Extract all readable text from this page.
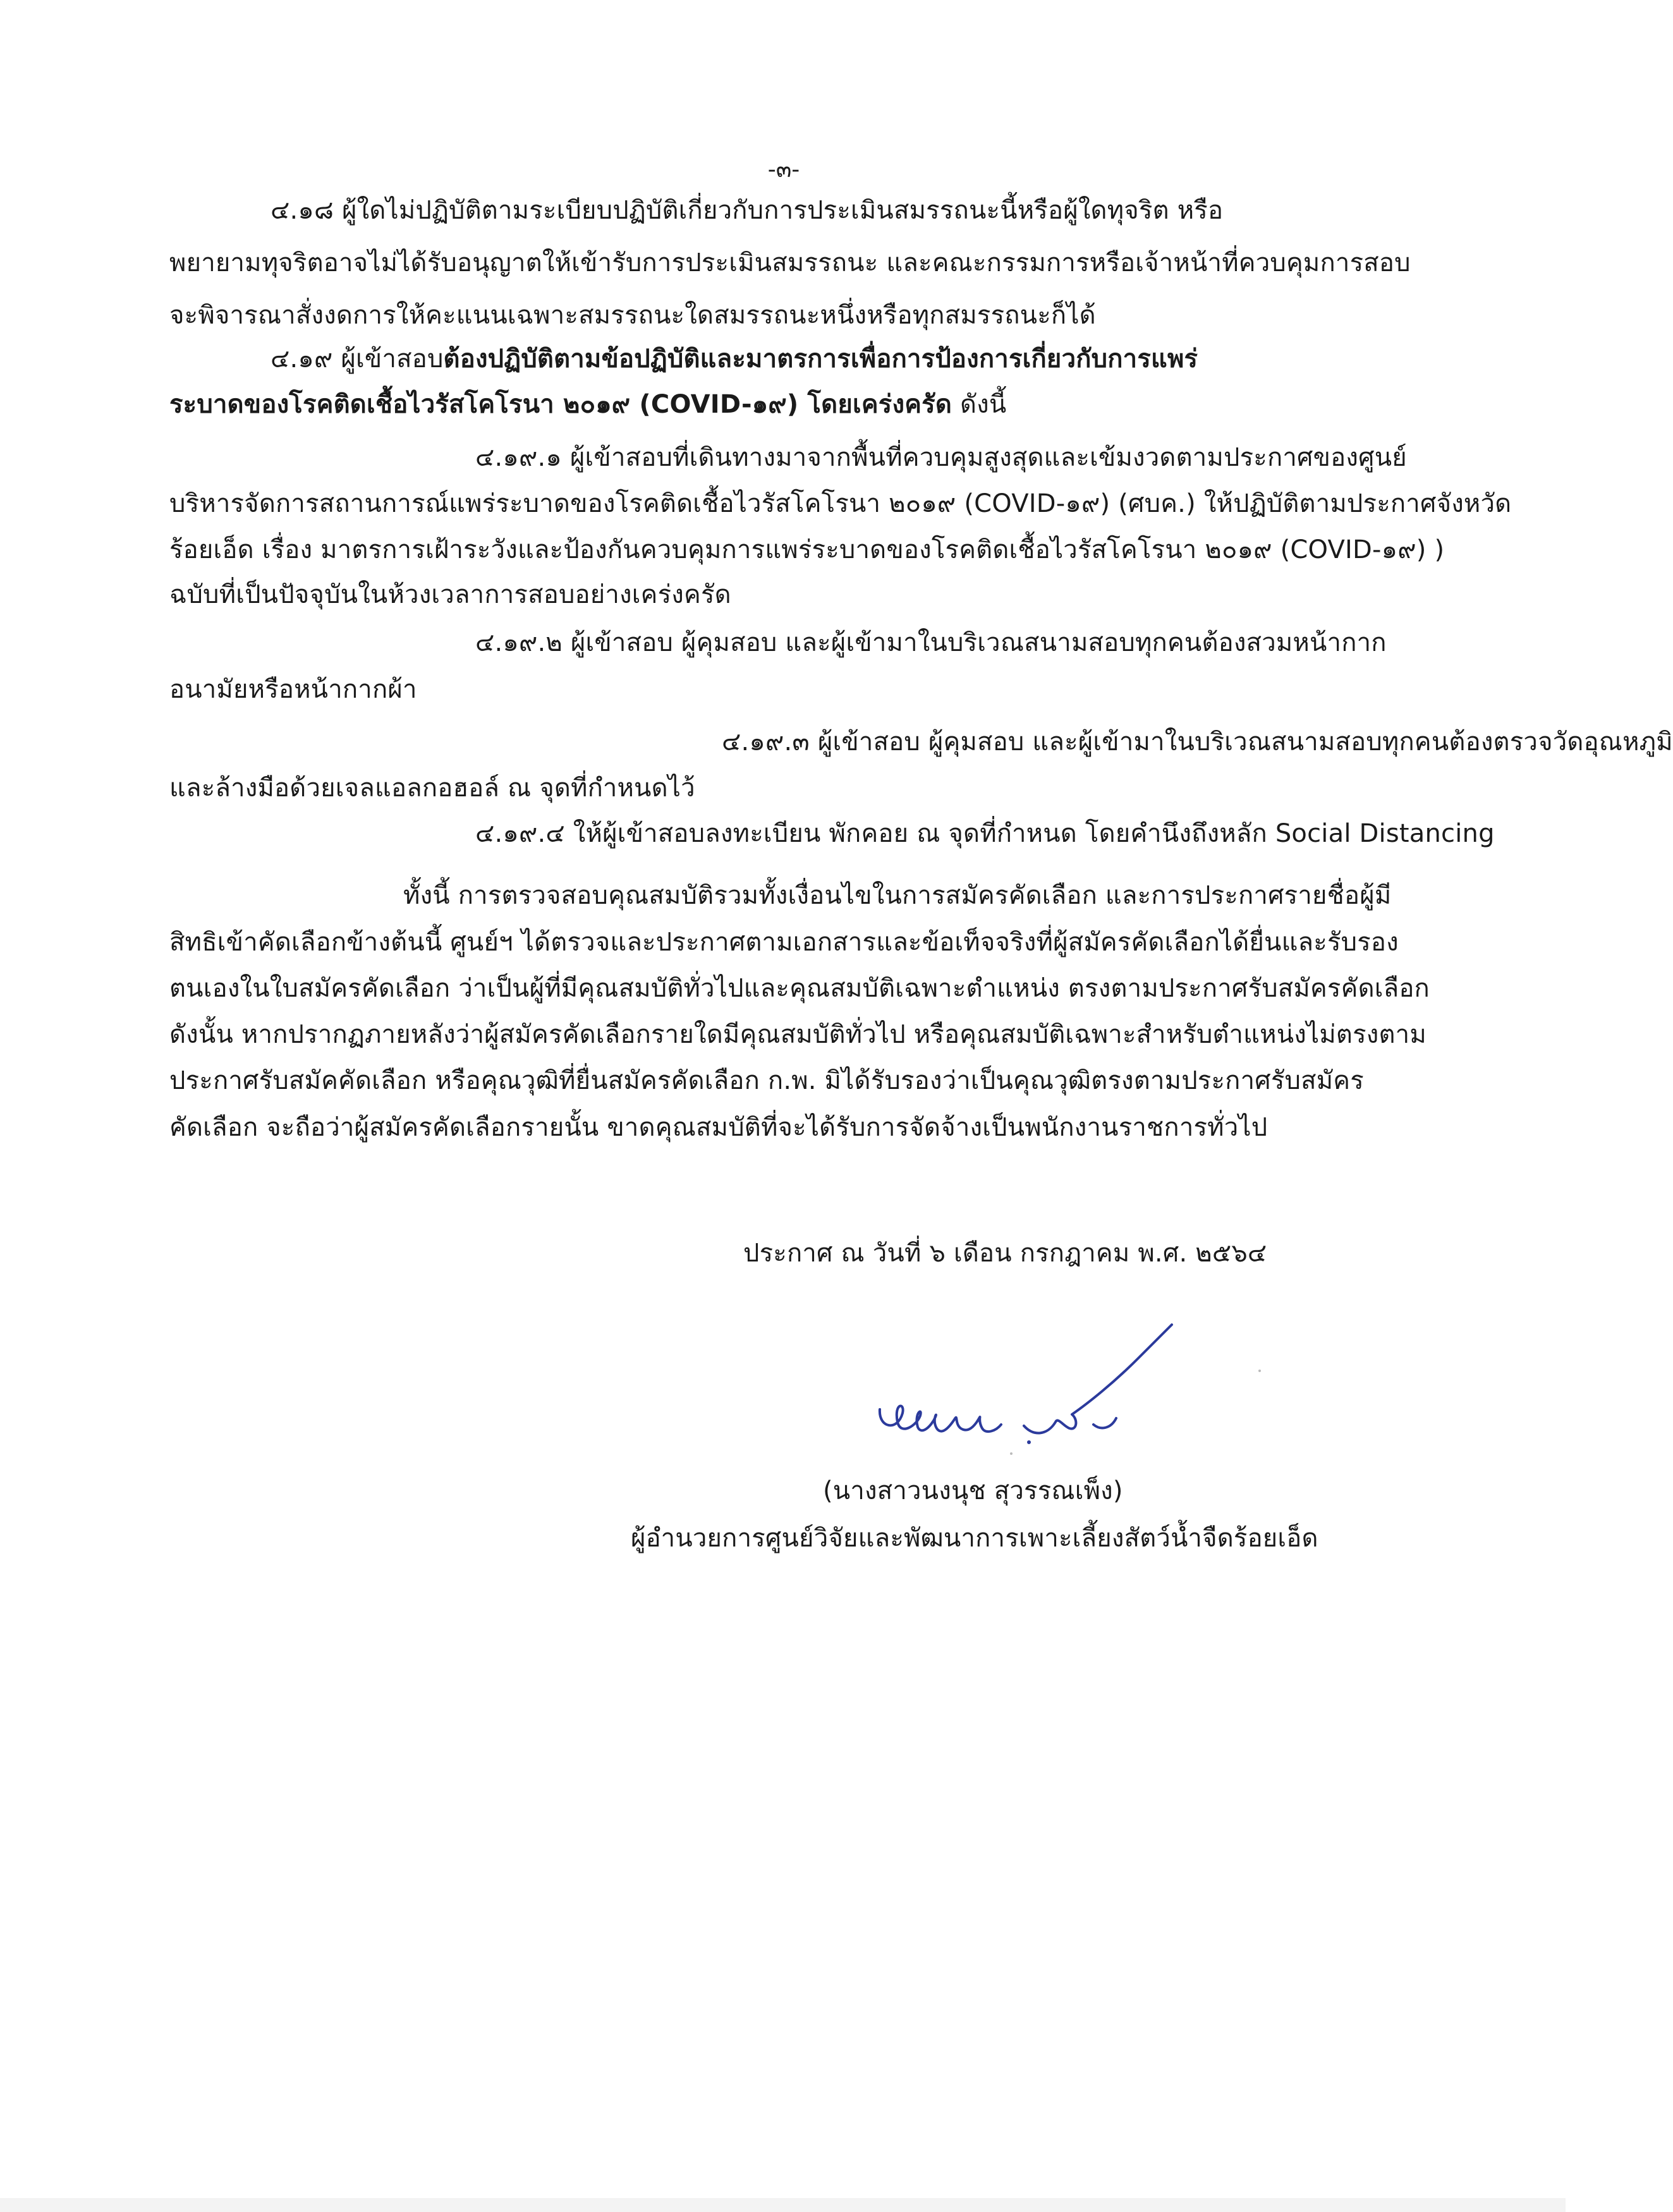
-๓-
๔.๑๘ ผู้ใดไม่ปฏิบัติตามระเบียบปฏิบัติเกี่ยวกับการประเมินสมรรถนะนี้หรือผู้ใดทุจริต หรือ
พยายามทุจริตอาจไม่ได้รับอนุญาตให้เข้ารับการประเมินสมรรถนะ และคณะกรรมการหรือเจ้าหน้าที่ควบคุมการสอบ
จะพิจารณาสั่งงดการให้คะแนนเฉพาะสมรรถนะใดสมรรถนะหนึ่งหรือทุกสมรรถนะก็ได้
๔.๑๙ ผู้เข้าสอบต้องปฏิบัติตามข้อปฏิบัติและมาตรการเพื่อการป้องการเกี่ยวกับการแพร่
ระบาดของโรคติดเชื้อไวรัสโคโรนา ๒๐๑๙ (COVID-๑๙) โดยเคร่งครัด ดังนี้
๔.๑๙.๑ ผู้เข้าสอบที่เดินทางมาจากพื้นที่ควบคุมสูงสุดและเข้มงวดตามประกาศของศูนย์
บริหารจัดการสถานการณ์แพร่ระบาดของโรคติดเชื้อไวรัสโคโรนา ๒๐๑๙ (COVID-๑๙) (ศบค.) ให้ปฏิบัติตามประกาศจังหวัด
ร้อยเอ็ด เรื่อง มาตรการเฝ้าระวังและป้องกันควบคุมการแพร่ระบาดของโรคติดเชื้อไวรัสโคโรนา ๒๐๑๙ (COVID-๑๙) )
ฉบับที่เป็นปัจจุบันในห้วงเวลาการสอบอย่างเคร่งครัด
๔.๑๙.๒ ผู้เข้าสอบ ผู้คุมสอบ และผู้เข้ามาในบริเวณสนามสอบทุกคนต้องสวมหน้ากาก
อนามัยหรือหน้ากากผ้า
๔.๑๙.๓ ผู้เข้าสอบ ผู้คุมสอบ และผู้เข้ามาในบริเวณสนามสอบทุกคนต้องตรวจวัดอุณหภูมิ
และล้างมือด้วยเจลแอลกอฮอล์ ณ จุดที่กำหนดไว้
๔.๑๙.๔ ให้ผู้เข้าสอบลงทะเบียน พักคอย ณ จุดที่กำหนด โดยคำนึงถึงหลัก Social Distancing
ทั้งนี้ การตรวจสอบคุณสมบัติรวมทั้งเงื่อนไขในการสมัครคัดเลือก และการประกาศรายชื่อผู้มี
สิทธิเข้าคัดเลือกข้างต้นนี้ ศูนย์ฯ ได้ตรวจและประกาศตามเอกสารและข้อเท็จจริงที่ผู้สมัครคัดเลือกได้ยื่นและรับรอง
ตนเองในใบสมัครคัดเลือก ว่าเป็นผู้ที่มีคุณสมบัติทั่วไปและคุณสมบัติเฉพาะตำแหน่ง ตรงตามประกาศรับสมัครคัดเลือก
ดังนั้น หากปรากฏภายหลังว่าผู้สมัครคัดเลือกรายใดมีคุณสมบัติทั่วไป หรือคุณสมบัติเฉพาะสำหรับตำแหน่งไม่ตรงตาม
ประกาศรับสมัคคัดเลือก หรือคุณวุฒิที่ยื่นสมัครคัดเลือก ก.พ. มิได้รับรองว่าเป็นคุณวุฒิตรงตามประกาศรับสมัคร
คัดเลือก จะถือว่าผู้สมัครคัดเลือกรายนั้น ขาดคุณสมบัติที่จะได้รับการจัดจ้างเป็นพนักงานราชการทั่วไป
ประกาศ ณ วันที่ ๖ เดือน กรกฎาคม พ.ศ. ๒๕๖๔
(นางสาวนงนุช สุวรรณเพ็ง)
ผู้อำนวยการศูนย์วิจัยและพัฒนาการเพาะเลี้ยงสัตว์น้ำจืดร้อยเอ็ด
